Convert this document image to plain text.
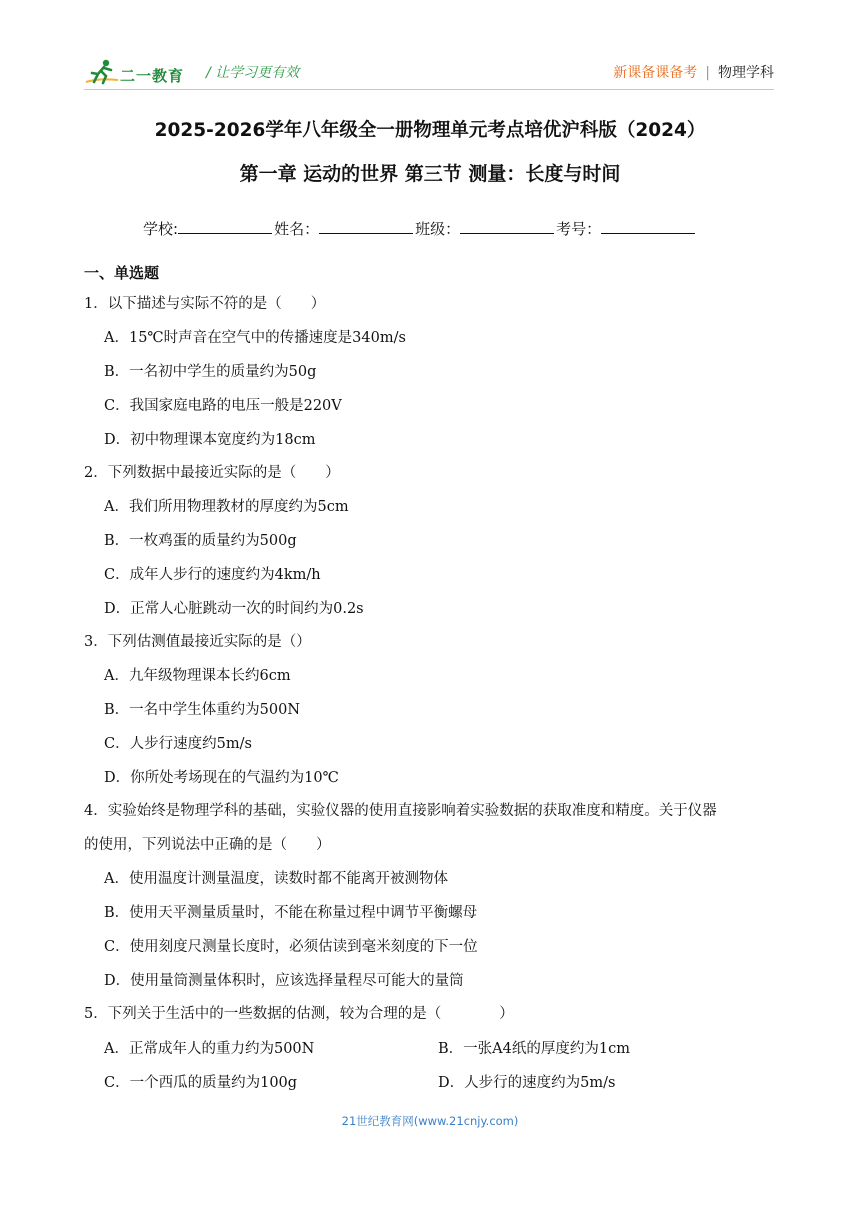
二一教育 / 让学习更有效	新课备课备考 | 物理学科
2025-2026学年八年级全一册物理单元考点培优沪科版（2024）
第一章 运动的世界 第三节 测量：长度与时间
学校:	姓名：	班级：	考号：
一、单选题
1．以下描述与实际不符的是（　　）
A．15℃时声音在空气中的传播速度是340m/s
B．一名初中学生的质量约为50g
C．我国家庭电路的电压一般是220V
D．初中物理课本宽度约为18cm
2．下列数据中最接近实际的是（　　）
A．我们所用物理教材的厚度约为5cm
B．一枚鸡蛋的质量约为500g
C．成年人步行的速度约为4km/h
D．正常人心脏跳动一次的时间约为0.2s
3．下列估测值最接近实际的是（）
A．九年级物理课本长约6cm
B．一名中学生体重约为500N
C．人步行速度约5m/s
D．你所处考场现在的气温约为10℃
4．实验始终是物理学科的基础，实验仪器的使用直接影响着实验数据的获取准度和精度。关于仪器
的使用，下列说法中正确的是（　　）
A．使用温度计测量温度，读数时都不能离开被测物体
B．使用天平测量质量时，不能在称量过程中调节平衡螺母
C．使用刻度尺测量长度时，必须估读到毫米刻度的下一位
D．使用量筒测量体积时，应该选择量程尽可能大的量筒
5．下列关于生活中的一些数据的估测，较为合理的是（　　　　）
A．正常成年人的重力约为500N	B．一张A4纸的厚度约为1cm
C．一个西瓜的质量约为100g	D．人步行的速度约为5m/s
21世纪教育网(www.21cnjy.com)
